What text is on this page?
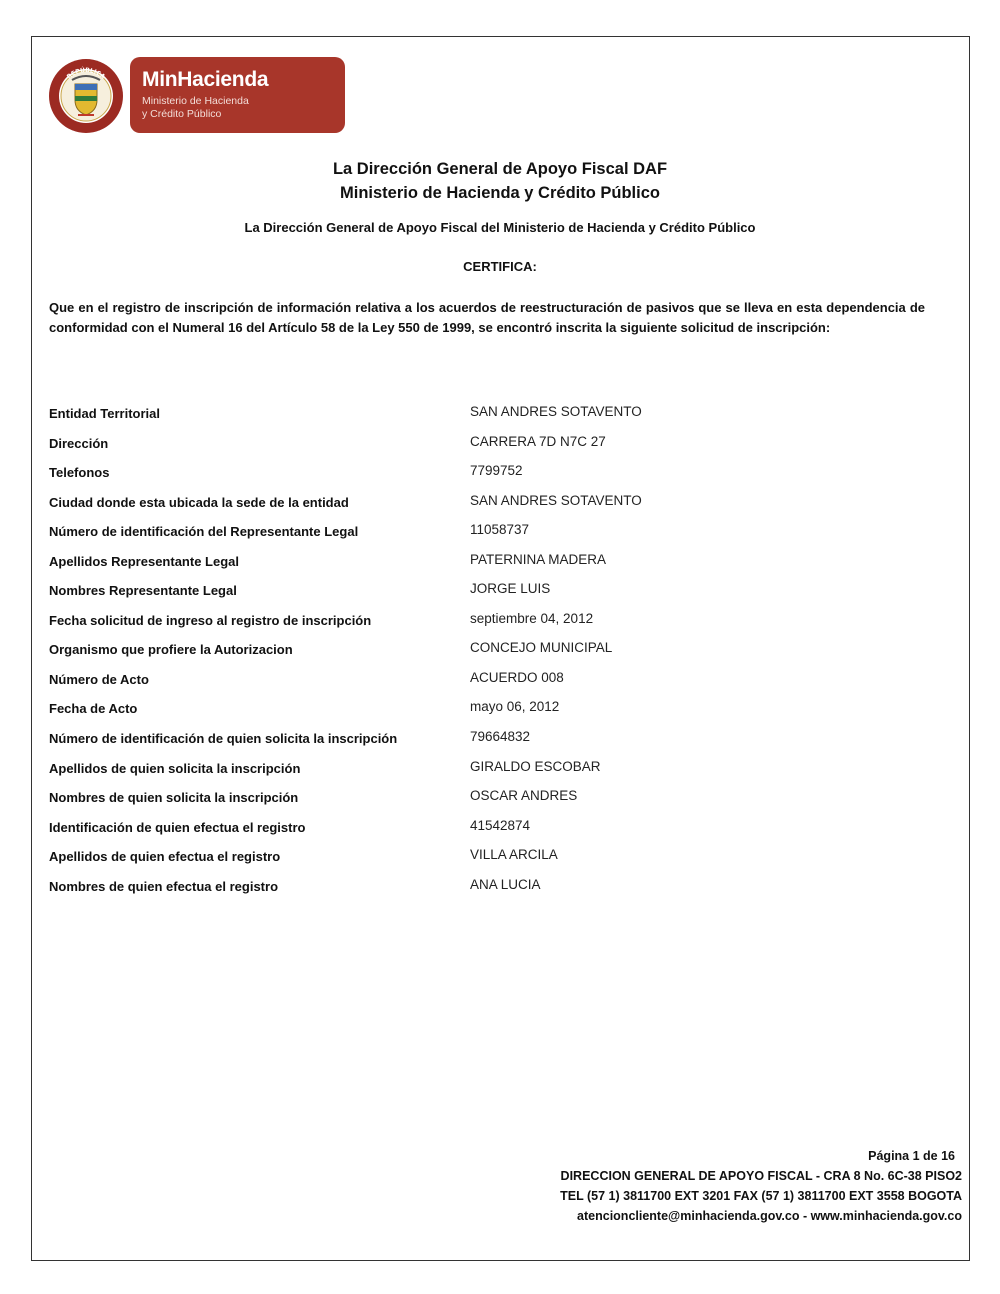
REPÚBLICA MinHacienda
Ministerio de Hacienda
y Crédito Público
La Dirección General de Apoyo Fiscal DAF
Ministerio de Hacienda y Crédito Público
La Dirección General de Apoyo Fiscal del Ministerio de Hacienda y Crédito Público
CERTIFICA:
Que en el registro de inscripción de información relativa a los acuerdos de reestructuración de pasivos que se lleva en esta dependencia de conformidad con el Numeral 16 del Artículo 58 de la Ley 550 de 1999, se encontró inscrita la siguiente solicitud de inscripción:
Entidad Territorial	SAN ANDRES SOTAVENTO
Dirección	CARRERA 7D N7C 27
Telefonos	7799752
Ciudad donde esta ubicada la sede de la entidad	SAN ANDRES SOTAVENTO
Número de identificación del Representante Legal	11058737
Apellidos Representante Legal	PATERNINA MADERA
Nombres Representante Legal	JORGE LUIS
Fecha solicitud de ingreso al registro de inscripción	septiembre 04, 2012
Organismo que profiere la Autorizacion	CONCEJO MUNICIPAL
Número de Acto	ACUERDO 008
Fecha de Acto	mayo 06, 2012
Número de identificación de quien solicita la inscripción	79664832
Apellidos de quien solicita la inscripción	GIRALDO ESCOBAR
Nombres de quien solicita la inscripción	OSCAR ANDRES
Identificación de quien efectua el registro	41542874
Apellidos de quien efectua el registro	VILLA ARCILA
Nombres de quien efectua el registro	ANA LUCIA
Página 1 de 16
DIRECCION GENERAL DE APOYO FISCAL - CRA 8 No. 6C-38 PISO2
TEL (57 1) 3811700 EXT 3201 FAX (57 1) 3811700 EXT 3558 BOGOTA
atencioncliente@minhacienda.gov.co - www.minhacienda.gov.co
